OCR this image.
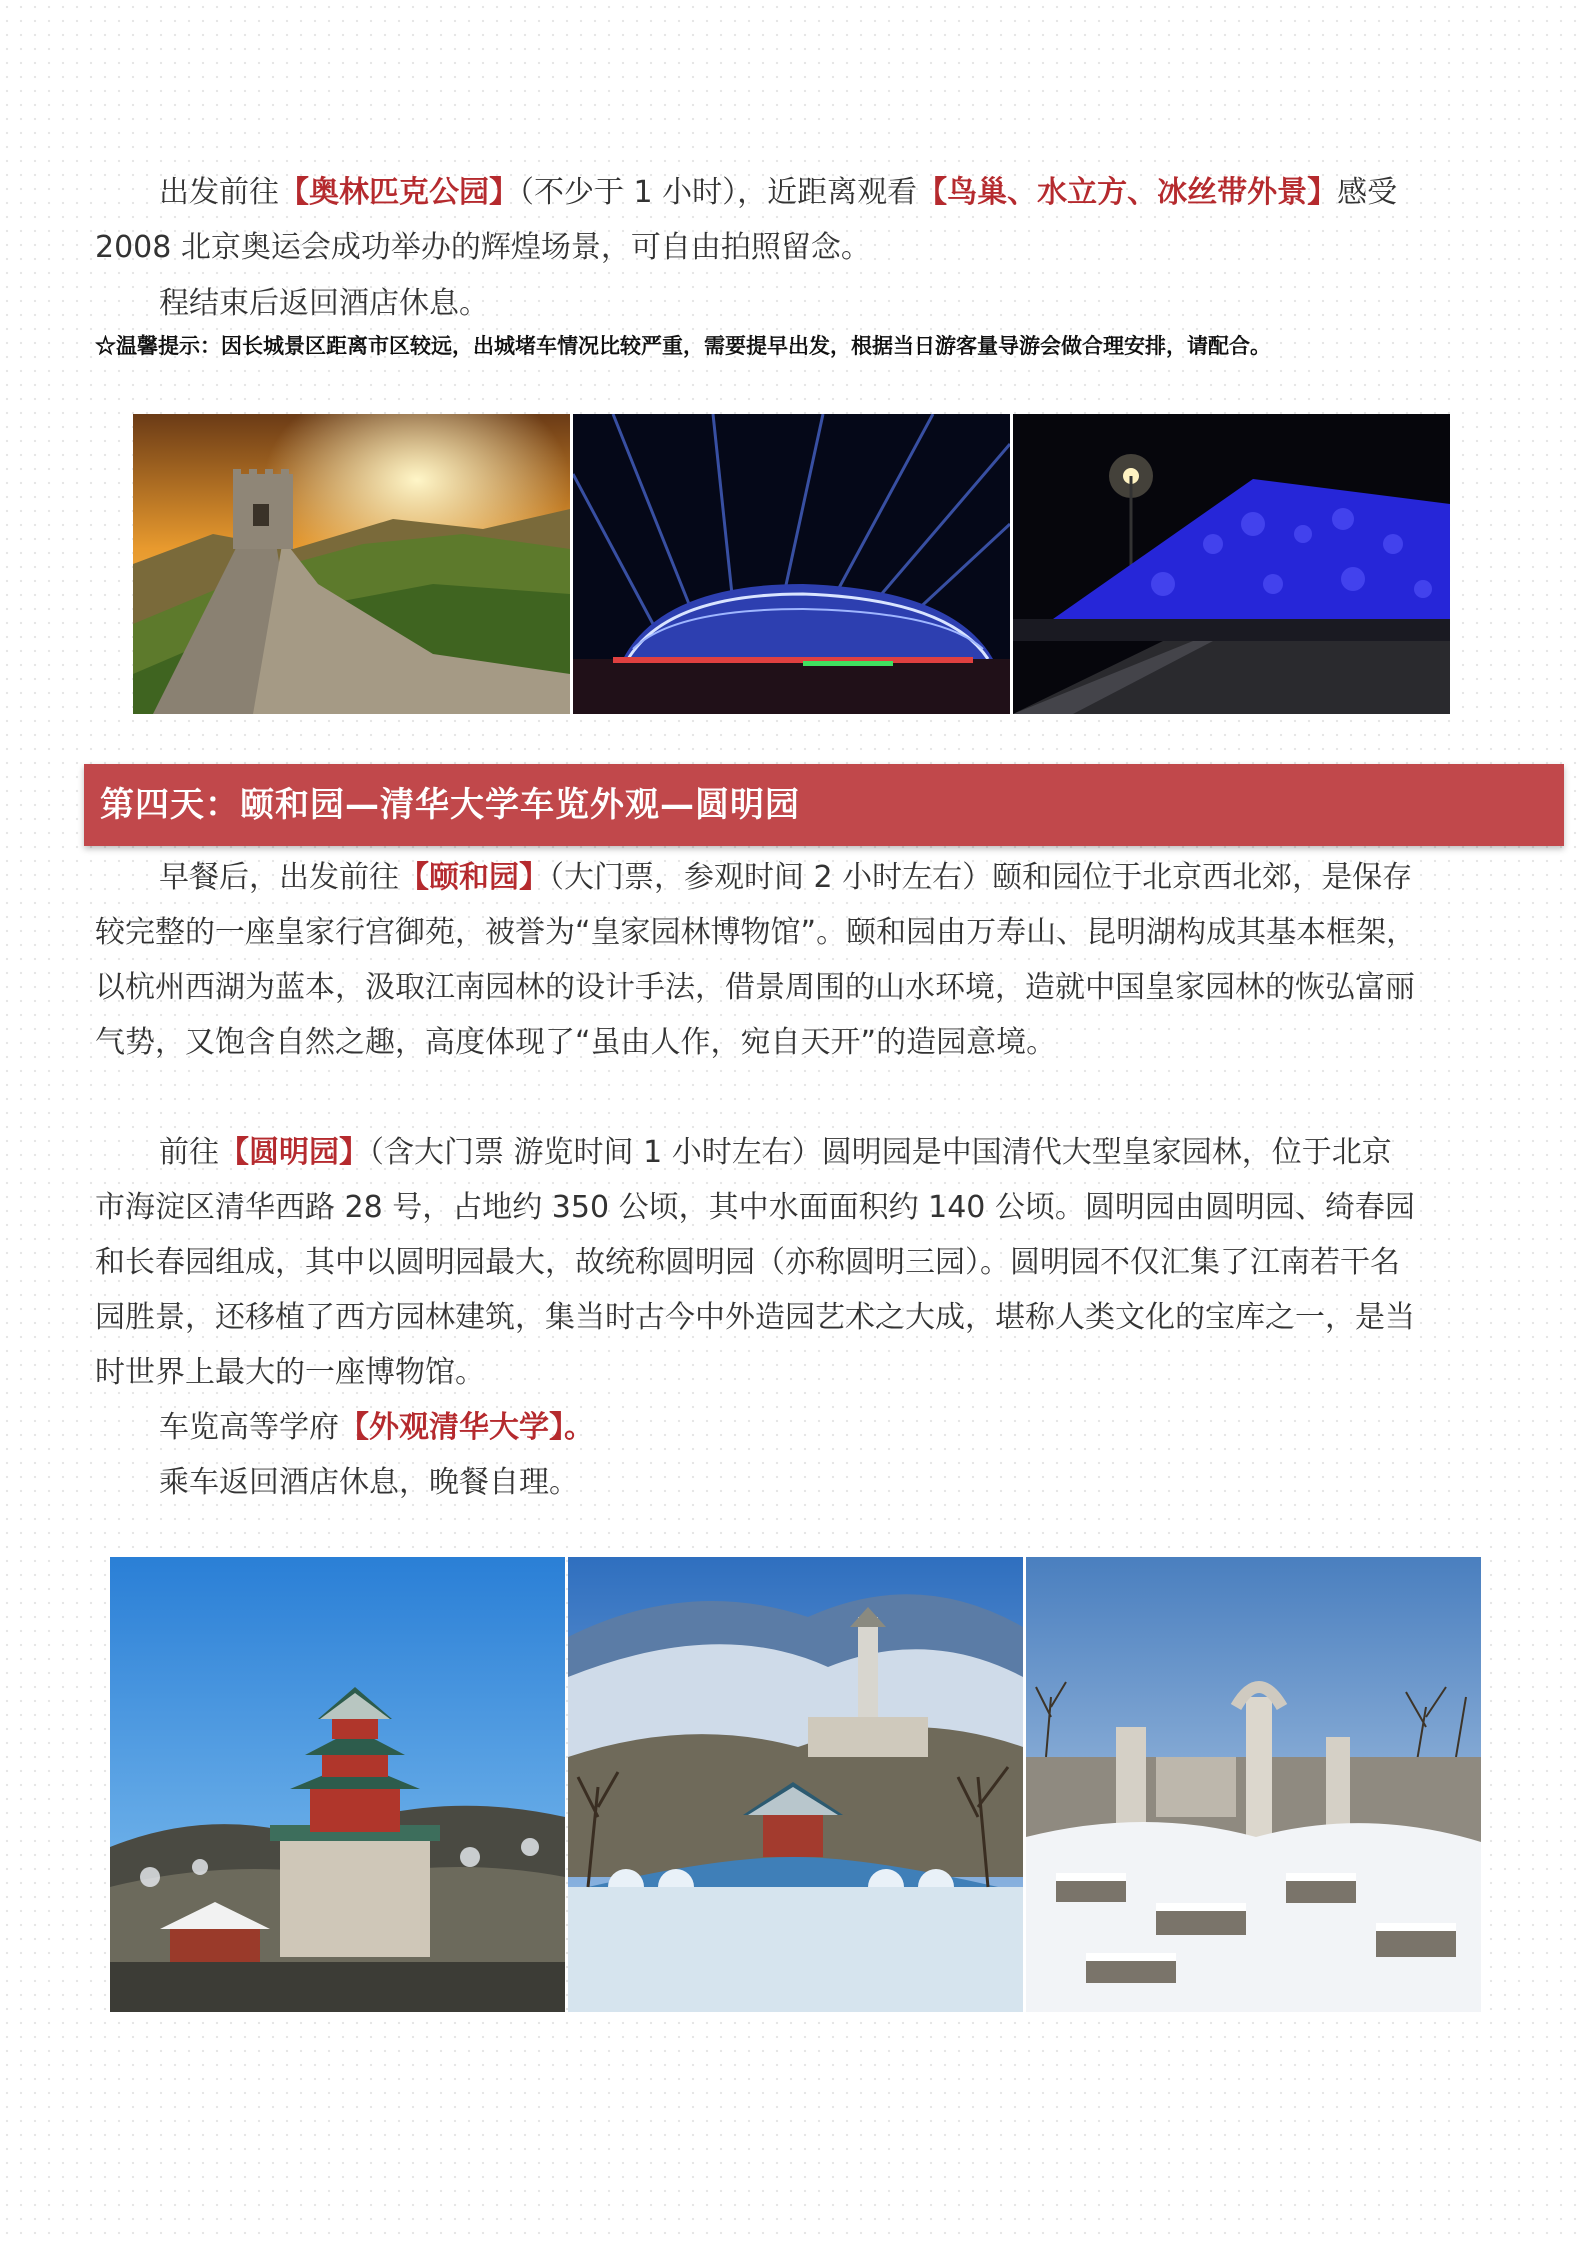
出发前往【奥林匹克公园】（不少于 1 小时），近距离观看【鸟巢、水立方、冰丝带外景】感受 2008 北京奥运会成功举办的辉煌场景，可自由拍照留念。

程结束后返回酒店休息。

☆温馨提示：因长城景区距离市区较远，出城堵车情况比较严重，需要提早出发，根据当日游客量导游会做合理安排，请配合。

第四天：颐和园—清华大学车览外观—圆明园

早餐后，出发前往【颐和园】（大门票，参观时间 2 小时左右）颐和园位于北京西北郊，是保存较完整的一座皇家行宫御苑，被誉为“皇家园林博物馆”。颐和园由万寿山、昆明湖构成其基本框架，以杭州西湖为蓝本，汲取江南园林的设计手法，借景周围的山水环境，造就中国皇家园林的恢弘富丽气势，又饱含自然之趣，高度体现了“虽由人作，宛自天开”的造园意境。

前往【圆明园】（含大门票 游览时间 1 小时左右）圆明园是中国清代大型皇家园林，位于北京市海淀区清华西路 28 号，占地约 350 公顷，其中水面面积约 140 公顷。圆明园由圆明园、绮春园和长春园组成，其中以圆明园最大，故统称圆明园（亦称圆明三园）。圆明园不仅汇集了江南若干名园胜景，还移植了西方园林建筑，集当时古今中外造园艺术之大成，堪称人类文化的宝库之一，是当时世界上最大的一座博物馆。

车览高等学府【外观清华大学】。

乘车返回酒店休息，晚餐自理。
